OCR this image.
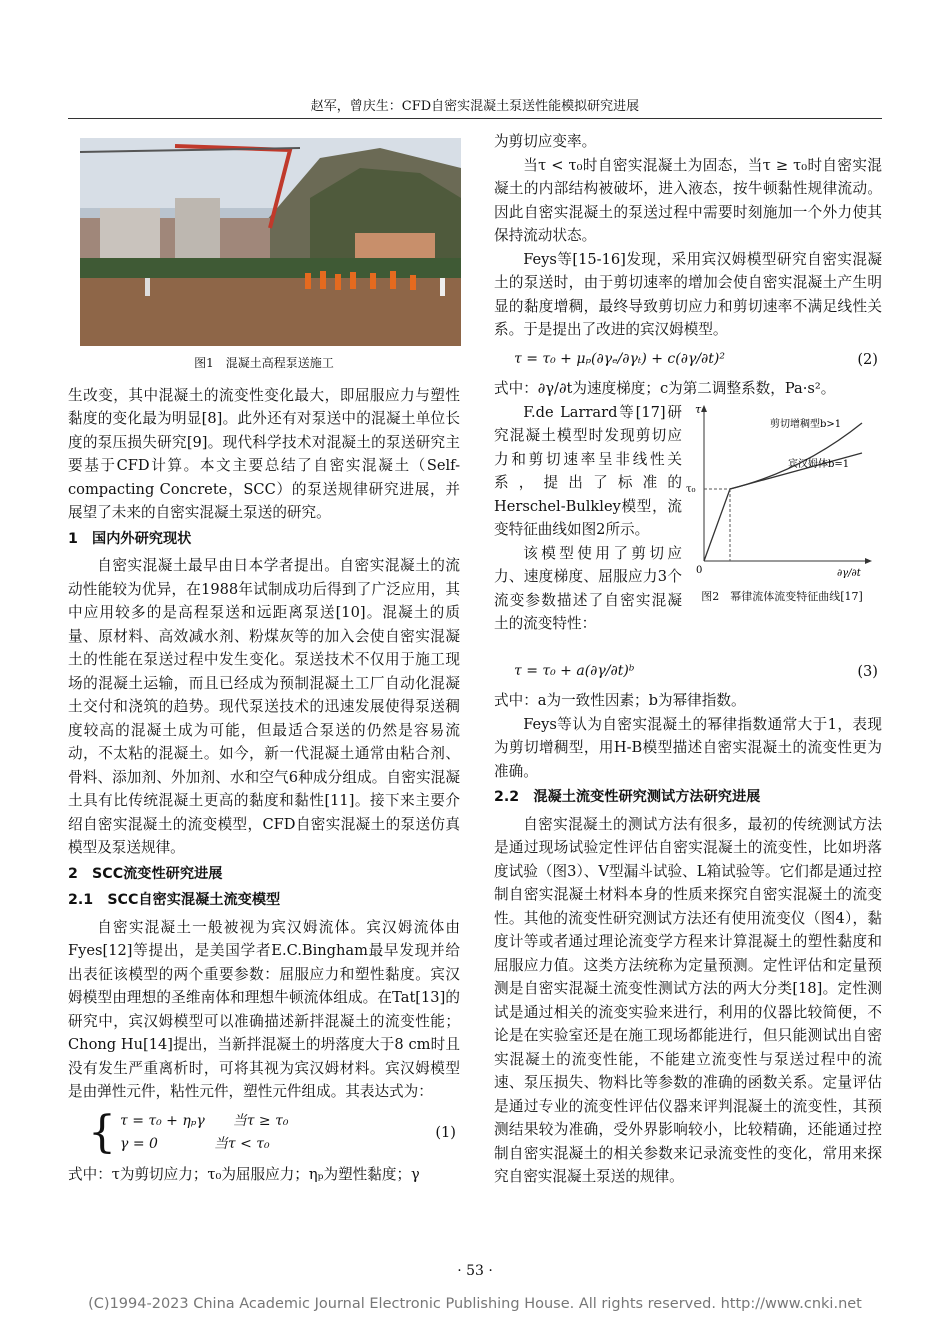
赵军，曾庆生：CFD自密实混凝土泵送性能模拟研究进展
图1　混凝土高程泵送施工

生改变，其中混凝土的流变性变化最大，即屈服应力与塑性黏度的变化最为明显[8]。此外还有对泵送中的混凝土单位长度的泵压损失研究[9]。现代科学技术对混凝土的泵送研究主要基于CFD计算。本文主要总结了自密实混凝土（Self-compacting Concrete，SCC）的泵送规律研究进展，并展望了未来的自密实混凝土泵送的研究。

1　国内外研究现状

自密实混凝土最早由日本学者提出。自密实混凝土的流动性能较为优异，在1988年试制成功后得到了广泛应用，其中应用较多的是高程泵送和远距离泵送[10]。混凝土的质量、原材料、高效减水剂、粉煤灰等的加入会使自密实混凝土的性能在泵送过程中发生变化。泵送技术不仅用于施工现场的混凝土运输，而且已经成为预制混凝土工厂自动化混凝土交付和浇筑的趋势。现代泵送技术的迅速发展使得泵送稠度较高的混凝土成为可能，但最适合泵送的仍然是容易流动，不太粘的混凝土。如今，新一代混凝土通常由粘合剂、骨料、添加剂、外加剂、水和空气6种成分组成。自密实混凝土具有比传统混凝土更高的黏度和黏性[11]。接下来主要介绍自密实混凝土的流变模型，CFD自密实混凝土的泵送仿真模型及泵送规律。

2　SCC流变性研究进展
2.1　SCC自密实混凝土流变模型

自密实混凝土一般被视为宾汉姆流体。宾汉姆流体由Fyes[12]等提出，是美国学者E.C.Bingham最早发现并给出表征该模型的两个重要参数：屈服应力和塑性黏度。宾汉姆模型由理想的圣维南体和理想牛顿流体组成。在Tat[13]的研究中，宾汉姆模型可以准确描述新拌混凝土的流变性能；Chong Hu[14]提出，当新拌混凝土的坍落度大于8 cm时且没有发生严重离析时，可将其视为宾汉姆材料。宾汉姆模型是由弹性元件，粘性元件，塑性元件组成。其表达式为：

{ τ = τ₀ + ηₚγ　　当τ ≥ τ₀
γ = 0　　　　当τ < τ₀
(1)

式中：τ为剪切应力；τ₀为屈服应力；ηₚ为塑性黏度；γ

为剪切应变率。

当τ < τ₀时自密实混凝土为固态，当τ ≥ τ₀时自密实混凝土的内部结构被破坏，进入液态，按牛顿黏性规律流动。因此自密实混凝土的泵送过程中需要时刻施加一个外力使其保持流动状态。

Feys等[15-16]发现，采用宾汉姆模型研究自密实混凝土的泵送时，由于剪切速率的增加会使自密实混凝土产生明显的黏度增稠，最终导致剪切应力和剪切速率不满足线性关系。于是提出了改进的宾汉姆模型。

τ = τ₀ + μₚ(∂γₑ/∂γₜ) + c(∂γ/∂t)²	(2)

式中：∂γ/∂t为速度梯度；c为第二调整系数，Pa·s²。

τ
τ₀
0	∂γ/∂t
剪切增稠型b>1
宾汉姆体b=1
图2　幂律流体流变特征曲线[17]

F.de Larrard等[17]研究混凝土模型时发现剪切应力和剪切速率呈非线性关系，提出了标准的Herschel-Bulkley模型，流变特征曲线如图2所示。

该模型使用了剪切应力、速度梯度、屈服应力3个流变参数描述了自密实混凝土的流变特性：

τ = τ₀ + a(∂γ/∂t)ᵇ	(3)

式中：a为一致性因素；b为幂律指数。

Feys等认为自密实混凝土的幂律指数通常大于1，表现为剪切增稠型，用H-B模型描述自密实混凝土的流变性更为准确。

2.2　混凝土流变性研究测试方法研究进展

自密实混凝土的测试方法有很多，最初的传统测试方法是通过现场试验定性评估自密实混凝土的流变性，比如坍落度试验（图3）、V型漏斗试验、L箱试验等。它们都是通过控制自密实混凝土材料本身的性质来探究自密实混凝土的流变性。其他的流变性研究测试方法还有使用流变仪（图4），黏度计等或者通过理论流变学方程来计算混凝土的塑性黏度和屈服应力值。这类方法统称为定量预测。定性评估和定量预测是自密实混凝土流变性测试方法的两大分类[18]。定性测试是通过相关的流变实验来进行，利用的仪器比较简便，不论是在实验室还是在施工现场都能进行，但只能测试出自密实混凝土的流变性能，不能建立流变性与泵送过程中的流速、泵压损失、物料比等参数的准确的函数关系。定量评估是通过专业的流变性评估仪器来评判混凝土的流变性，其预测结果较为准确，受外界影响较小，比较精确，还能通过控制自密实混凝土的相关参数来记录流变性的变化，常用来探究自密实混凝土泵送的规律。

· 53 ·
(C)1994-2023 China Academic Journal Electronic Publishing House. All rights reserved. http://www.cnki.net
